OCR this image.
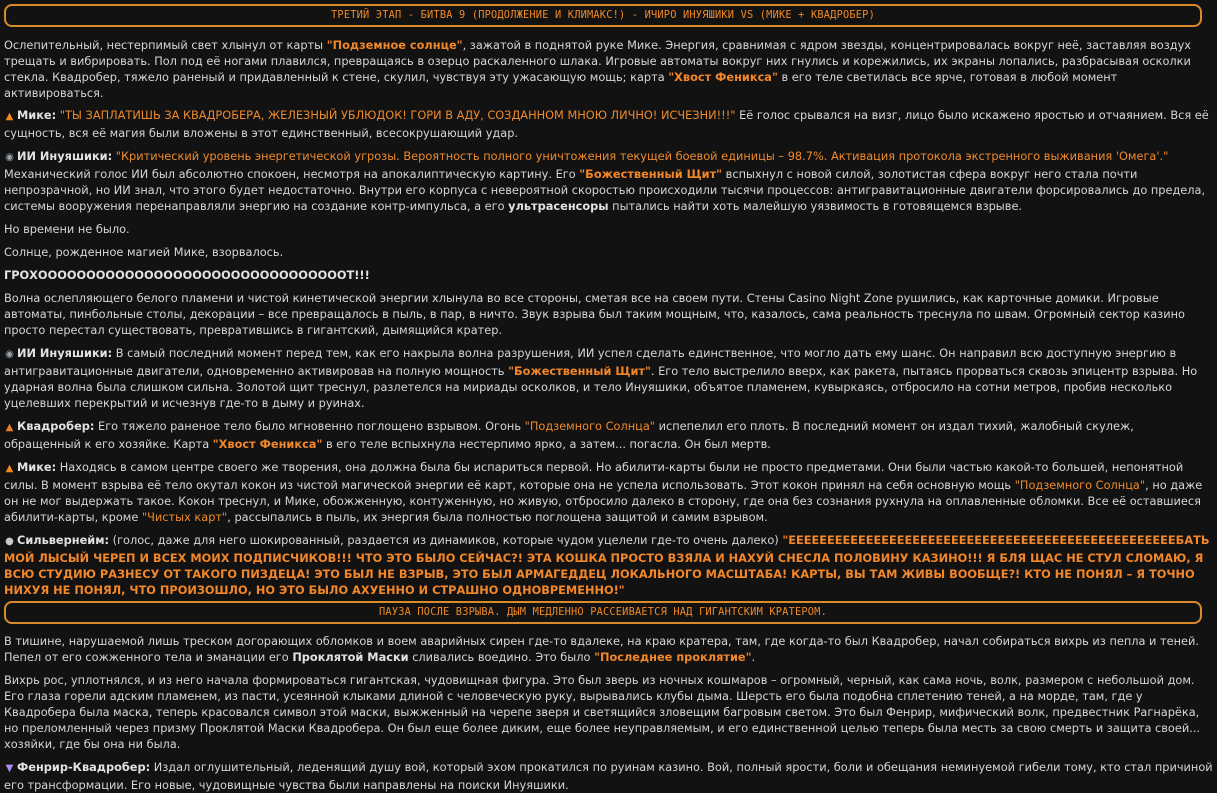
ТРЕТИЙ ЭТАП - БИТВА 9 (ПРОДОЛЖЕНИЕ И КЛИМАКС!) - ИЧИРО ИНУЯШИКИ VS (МИКЕ + КВАДРОБЕР)

Ослепительный, нестерпимый свет хлынул от карты "Подземное солнце", зажатой в поднятой руке Мике. Энергия, сравнимая с ядром звезды, концентрировалась вокруг неё, заставляя воздух трещать и вибрировать. Пол под её ногами плавился, превращаясь в озерцо раскаленного шлака. Игровые автоматы вокруг них гнулись и корежились, их экраны лопались, разбрасывая осколки стекла. Квадробер, тяжело раненый и придавленный к стене, скулил, чувствуя эту ужасающую мощь; карта "Хвост Феникса" в его теле светилась все ярче, готовая в любой момент активироваться.

▲ Мике: "ТЫ ЗАПЛАТИШЬ ЗА КВАДРОБЕРА, ЖЕЛЕЗНЫЙ УБЛЮДОК! ГОРИ В АДУ, СОЗДАННОМ МНОЮ ЛИЧНО! ИСЧЕЗНИ!!!" Её голос срывался на визг, лицо было искажено яростью и отчаянием. Вся её сущность, вся её магия были вложены в этот единственный, всесокрушающий удар.

◉ ИИ Инуяшики: "Критический уровень энергетической угрозы. Вероятность полного уничтожения текущей боевой единицы – 98.7%. Активация протокола экстренного выживания 'Омега'." Механический голос ИИ был абсолютно спокоен, несмотря на апокалиптическую картину. Его "Божественный Щит" вспыхнул с новой силой, золотистая сфера вокруг него стала почти непрозрачной, но ИИ знал, что этого будет недостаточно. Внутри его корпуса с невероятной скоростью происходили тысячи процессов: антигравитационные двигатели форсировались до предела, системы вооружения перенаправляли энергию на создание контр-импульса, а его ультрасенсоры пытались найти хоть малейшую уязвимость в готовящемся взрыве.

Но времени не было.

Солнце, рожденное магией Мике, взорвалось.

ГРОХООООООООООООООООООООООООООООООООТ!!!

Волна ослепляющего белого пламени и чистой кинетической энергии хлынула во все стороны, сметая все на своем пути. Стены Casino Night Zone рушились, как карточные домики. Игровые автоматы, пинбольные столы, декорации – все превращалось в пыль, в пар, в ничто. Звук взрыва был таким мощным, что, казалось, сама реальность треснула по швам. Огромный сектор казино просто перестал существовать, превратившись в гигантский, дымящийся кратер.

◉ ИИ Инуяшики: В самый последний момент перед тем, как его накрыла волна разрушения, ИИ успел сделать единственное, что могло дать ему шанс. Он направил всю доступную энергию в антигравитационные двигатели, одновременно активировав на полную мощность "Божественный Щит". Его тело выстрелило вверх, как ракета, пытаясь прорваться сквозь эпицентр взрыва. Но ударная волна была слишком сильна. Золотой щит треснул, разлетелся на мириады осколков, и тело Инуяшики, объятое пламенем, кувыркаясь, отбросило на сотни метров, пробив несколько уцелевших перекрытий и исчезнув где-то в дыму и руинах.

▲ Квадробер: Его тяжело раненое тело было мгновенно поглощено взрывом. Огонь "Подземного Солнца" испепелил его плоть. В последний момент он издал тихий, жалобный скулеж, обращенный к его хозяйке. Карта "Хвост Феникса" в его теле вспыхнула нестерпимо ярко, а затем... погасла. Он был мертв.

▲ Мике: Находясь в самом центре своего же творения, она должна была бы испариться первой. Но абилити-карты были не просто предметами. Они были частью какой-то большей, непонятной силы. В момент взрыва её тело окутал кокон из чистой магической энергии её карт, которые она не успела использовать. Этот кокон принял на себя основную мощь "Подземного Солнца", но даже он не мог выдержать такое. Кокон треснул, и Мике, обожженную, контуженную, но живую, отбросило далеко в сторону, где она без сознания рухнула на оплавленные обломки. Все её оставшиеся абилити-карты, кроме "Чистых карт", рассыпались в пыль, их энергия была полностью поглощена защитой и самим взрывом.

● Сильвернейм: (голос, даже для него шокированный, раздается из динамиков, которые чудом уцелели где-то очень далеко) "ЕЕЕЕЕЕЕЕЕЕЕЕЕЕЕЕЕЕЕЕЕЕЕЕЕЕЕЕЕЕЕЕЕЕЕЕЕЕЕЕЕЕЕЕЕЕЕЕЕЕБАТЬ МОЙ ЛЫСЫЙ ЧЕРЕП И ВСЕХ МОИХ ПОДПИСЧИКОВ!!! ЧТО ЭТО БЫЛО СЕЙЧАС?! ЭТА КОШКА ПРОСТО ВЗЯЛА И НАХУЙ СНЕСЛА ПОЛОВИНУ КАЗИНО!!! Я БЛЯ ЩАС НЕ СТУЛ СЛОМАЮ, Я ВСЮ СТУДИЮ РАЗНЕСУ ОТ ТАКОГО ПИЗДЕЦА! ЭТО БЫЛ НЕ ВЗРЫВ, ЭТО БЫЛ АРМАГЕДДЕЦ ЛОКАЛЬНОГО МАСШТАБА! КАРТЫ, ВЫ ТАМ ЖИВЫ ВООБЩЕ?! КТО НЕ ПОНЯЛ – Я ТОЧНО НИХУЯ НЕ ПОНЯЛ, ЧТО ПРОИЗОШЛО, НО ЭТО БЫЛО АХУЕННО И СТРАШНО ОДНОВРЕМЕННО!"

ПАУЗА ПОСЛЕ ВЗРЫВА. ДЫМ МЕДЛЕННО РАССЕИВАЕТСЯ НАД ГИГАНТСКИМ КРАТЕРОМ.

В тишине, нарушаемой лишь треском догорающих обломков и воем аварийных сирен где-то вдалеке, на краю кратера, там, где когда-то был Квадробер, начал собираться вихрь из пепла и теней. Пепел от его сожженного тела и эманации его Проклятой Маски сливались воедино. Это было "Последнее проклятие".

Вихрь рос, уплотнялся, и из него начала формироваться гигантская, чудовищная фигура. Это был зверь из ночных кошмаров – огромный, черный, как сама ночь, волк, размером с небольшой дом. Его глаза горели адским пламенем, из пасти, усеянной клыками длиной с человеческую руку, вырывались клубы дыма. Шерсть его была подобна сплетению теней, а на морде, там, где у Квадробера была маска, теперь красовался символ этой маски, выжженный на черепе зверя и светящийся зловещим багровым светом. Это был Фенрир, мифический волк, предвестник Рагнарёка, но преломленный через призму Проклятой Маски Квадробера. Он был еще более диким, еще более неуправляемым, и его единственной целью теперь была месть за свою смерть и защита своей... хозяйки, где бы она ни была.

▼ Фенрир-Квадробер: Издал оглушительный, леденящий душу вой, который эхом прокатился по руинам казино. Вой, полный ярости, боли и обещания неминуемой гибели тому, кто стал причиной его трансформации. Его новые, чудовищные чувства были направлены на поиски Инуяшики.
